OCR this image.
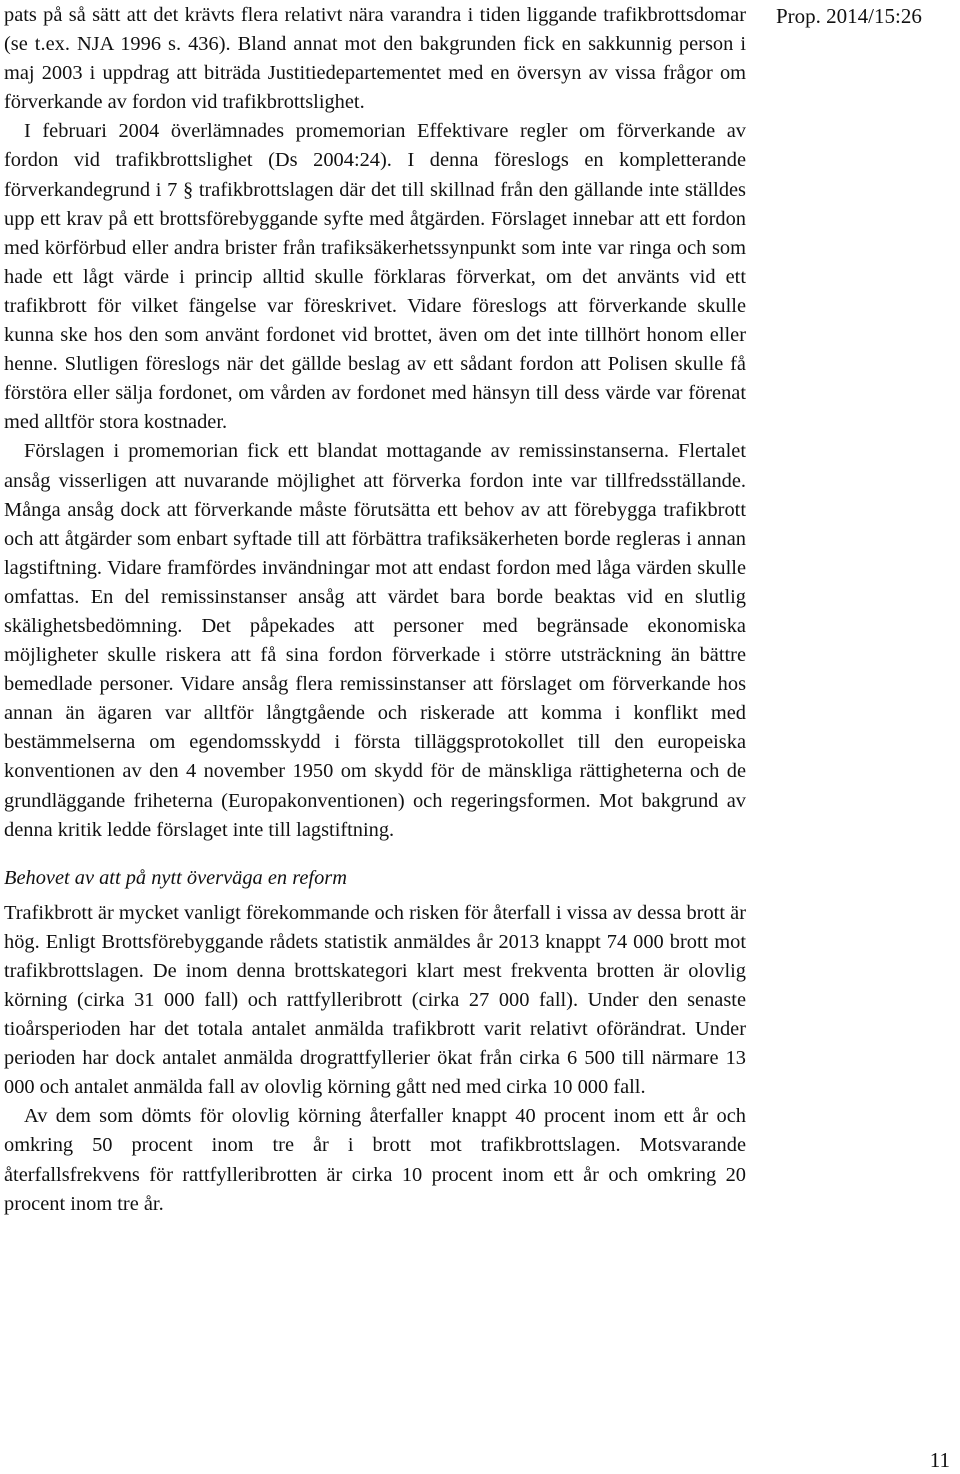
Prop. 2014/15:26

pats på så sätt att det krävts flera relativt nära varandra i tiden liggande trafikbrottsdomar (se t.ex. NJA 1996 s. 436). Bland annat mot den bakgrunden fick en sakkunnig person i maj 2003 i uppdrag att biträda Justitiedepartementet med en översyn av vissa frågor om förverkande av fordon vid trafikbrottslighet.

I februari 2004 överlämnades promemorian Effektivare regler om förverkande av fordon vid trafikbrottslighet (Ds 2004:24). I denna föreslogs en kompletterande förverkandegrund i 7 § trafikbrottslagen där det till skillnad från den gällande inte ställdes upp ett krav på ett brottsförebyggande syfte med åtgärden. Förslaget innebar att ett fordon med körförbud eller andra brister från trafiksäkerhetssynpunkt som inte var ringa och som hade ett lågt värde i princip alltid skulle förklaras förverkat, om det använts vid ett trafikbrott för vilket fängelse var föreskrivet. Vidare föreslogs att förverkande skulle kunna ske hos den som använt fordonet vid brottet, även om det inte tillhört honom eller henne. Slutligen föreslogs när det gällde beslag av ett sådant fordon att Polisen skulle få förstöra eller sälja fordonet, om vården av fordonet med hänsyn till dess värde var förenat med alltför stora kostnader.

Förslagen i promemorian fick ett blandat mottagande av remissinstanserna. Flertalet ansåg visserligen att nuvarande möjlighet att förverka fordon inte var tillfredsställande. Många ansåg dock att förverkande måste förutsätta ett behov av att förebygga trafikbrott och att åtgärder som enbart syftade till att förbättra trafiksäkerheten borde regleras i annan lagstiftning. Vidare framfördes invändningar mot att endast fordon med låga värden skulle omfattas. En del remissinstanser ansåg att värdet bara borde beaktas vid en slutlig skälighetsbedömning. Det påpekades att personer med begränsade ekonomiska möjligheter skulle riskera att få sina fordon förverkade i större utsträckning än bättre bemedlade personer. Vidare ansåg flera remissinstanser att förslaget om förverkande hos annan än ägaren var alltför långtgående och riskerade att komma i konflikt med bestämmelserna om egendomsskydd i första tilläggsprotokollet till den europeiska konventionen av den 4 november 1950 om skydd för de mänskliga rättigheterna och de grundläggande friheterna (Europakonventionen) och regeringsformen. Mot bakgrund av denna kritik ledde förslaget inte till lagstiftning.

Behovet av att på nytt överväga en reform

Trafikbrott är mycket vanligt förekommande och risken för återfall i vissa av dessa brott är hög. Enligt Brottsförebyggande rådets statistik anmäldes år 2013 knappt 74 000 brott mot trafikbrottslagen. De inom denna brottskategori klart mest frekventa brotten är olovlig körning (cirka 31 000 fall) och rattfylleribrott (cirka 27 000 fall). Under den senaste tioårsperioden har det totala antalet anmälda trafikbrott varit relativt oförändrat. Under perioden har dock antalet anmälda drograttfyllerier ökat från cirka 6 500 till närmare 13 000 och antalet anmälda fall av olovlig körning gått ned med cirka 10 000 fall.

Av dem som dömts för olovlig körning återfaller knappt 40 procent inom ett år och omkring 50 procent inom tre år i brott mot trafikbrottslagen. Motsvarande återfallsfrekvens för rattfylleribrotten är cirka 10 procent inom ett år och omkring 20 procent inom tre år.

11
